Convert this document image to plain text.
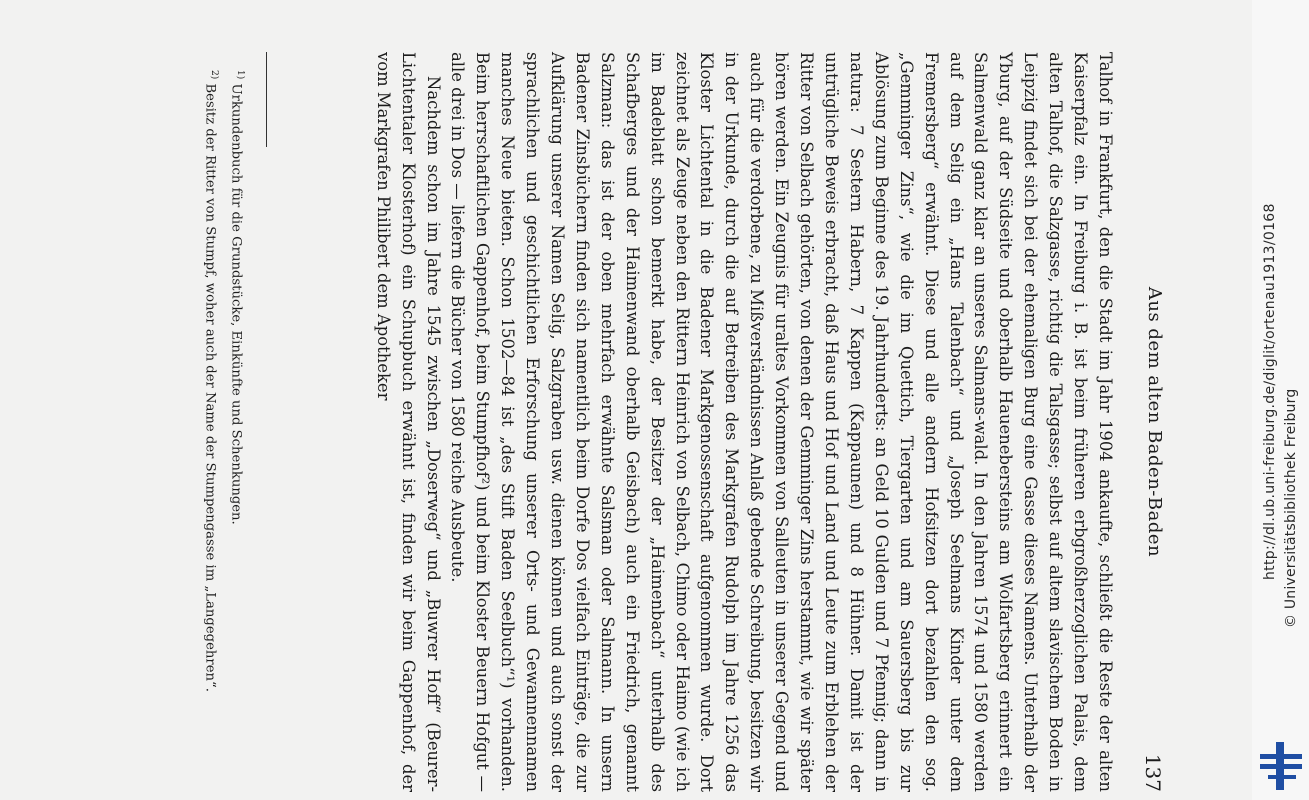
Aus dem alten Baden-Baden
137

Talhof in Frankfurt, den die Stadt im Jahr 1904 ankaufte, schließt die Reste der alten Kaiserpfalz ein. In Freiburg i. B. ist beim früheren erbgroßherzoglichen Palais, dem alten Talhof, die Salzgasse, richtig die Talsgasse; selbst auf altem slavischem Boden in Leipzig findet sich bei der ehemaligen Burg eine Gasse dieses Namens. Unterhalb der Yburg, auf der Südseite und oberhalb Hauenebersteins am Wolfartsberg erinnert ein Salmenwald ganz klar an unseres Salmans-wald. In den Jahren 1574 und 1580 werden auf dem Selig ein „Hans Talenbach“ und „Joseph Seelmans Kinder unter dem Fremersberg“ erwähnt. Diese und alle andern Hofsitzen dort bezahlen den sog. „Gemminger Zins“, wie die im Quettich, Tiergarten und am Sauersberg bis zur Ablösung zum Beginne des 19. Jahrhunderts: an Geld 10 Gulden und 7 Pfennig; dann in natura: 7 Sestern Habern, 7 Kappen (Kappaunen) und 8 Hühner. Damit ist der untrügliche Beweis erbracht, daß Haus und Hof und Land und Leute zum Erblehen der Ritter von Selbach gehörten, von denen der Gemminger Zins herstammt, wie wir später hören werden. Ein Zeugnis für uraltes Vorkommen von Salleuten in unserer Gegend und auch für die verdorbene, zu Mißverständnissen Anlaß gebende Schreibung, besitzen wir in der Urkunde, durch die auf Betreiben des Markgrafen Rudolph im Jahre 1256 das Kloster Lichtental in die Badener Markgenossenschaft aufgenommen wurde. Dort zeichnet als Zeuge neben den Rittern Heinrich von Selbach, Chimo oder Haimo (wie ich im Badeblatt schon bemerkt habe, der Besitzer der „Haimenbach“ unterhalb des Schafberges und der Haimenwand oberhalb Geisbach) auch ein Friedrich, genannt Salzman: das ist der oben mehrfach erwähnte Salsman oder Salmann. In unsern Badener Zinsbüchern finden sich namentlich beim Dorfe Dos vielfach Einträge, die zur Aufklärung unserer Namen Selig, Salzgraben usw. dienen können und auch sonst der sprachlichen und geschichtlichen Erforschung unserer Orts- und Gewannennamen manches Neue bieten. Schon 1502—84 ist „des Stift Baden Seelbuch“¹) vorhanden. Beim herrschaftlichen Gappenhof, beim Stumpfhof²) und beim Kloster Beuern Hofgut — alle drei in Dos — liefern die Bücher von 1580 reiche Ausbeute.

Nachdem schon im Jahre 1545 zwischen „Doserweg“ und „Buwrer Hoff“ (Beurer-Lichtentaler Klosterhof) ein Schupbuch erwähnt ist, finden wir beim Gappenhof, der vom Markgrafen Philibert dem Apotheker

$^{1)}$ Urkundenbuch für die Grundstücke, Einkünfte und Schenkungen.

$^{2)}$ Besitz der Ritter von Stumpf, woher auch der Name der Stumpengasse im „Langegehren“.	http://dl.ub.uni-freiburg.de/diglit/ortenau1913/0168 © Universitätsbibliothek Freiburg
